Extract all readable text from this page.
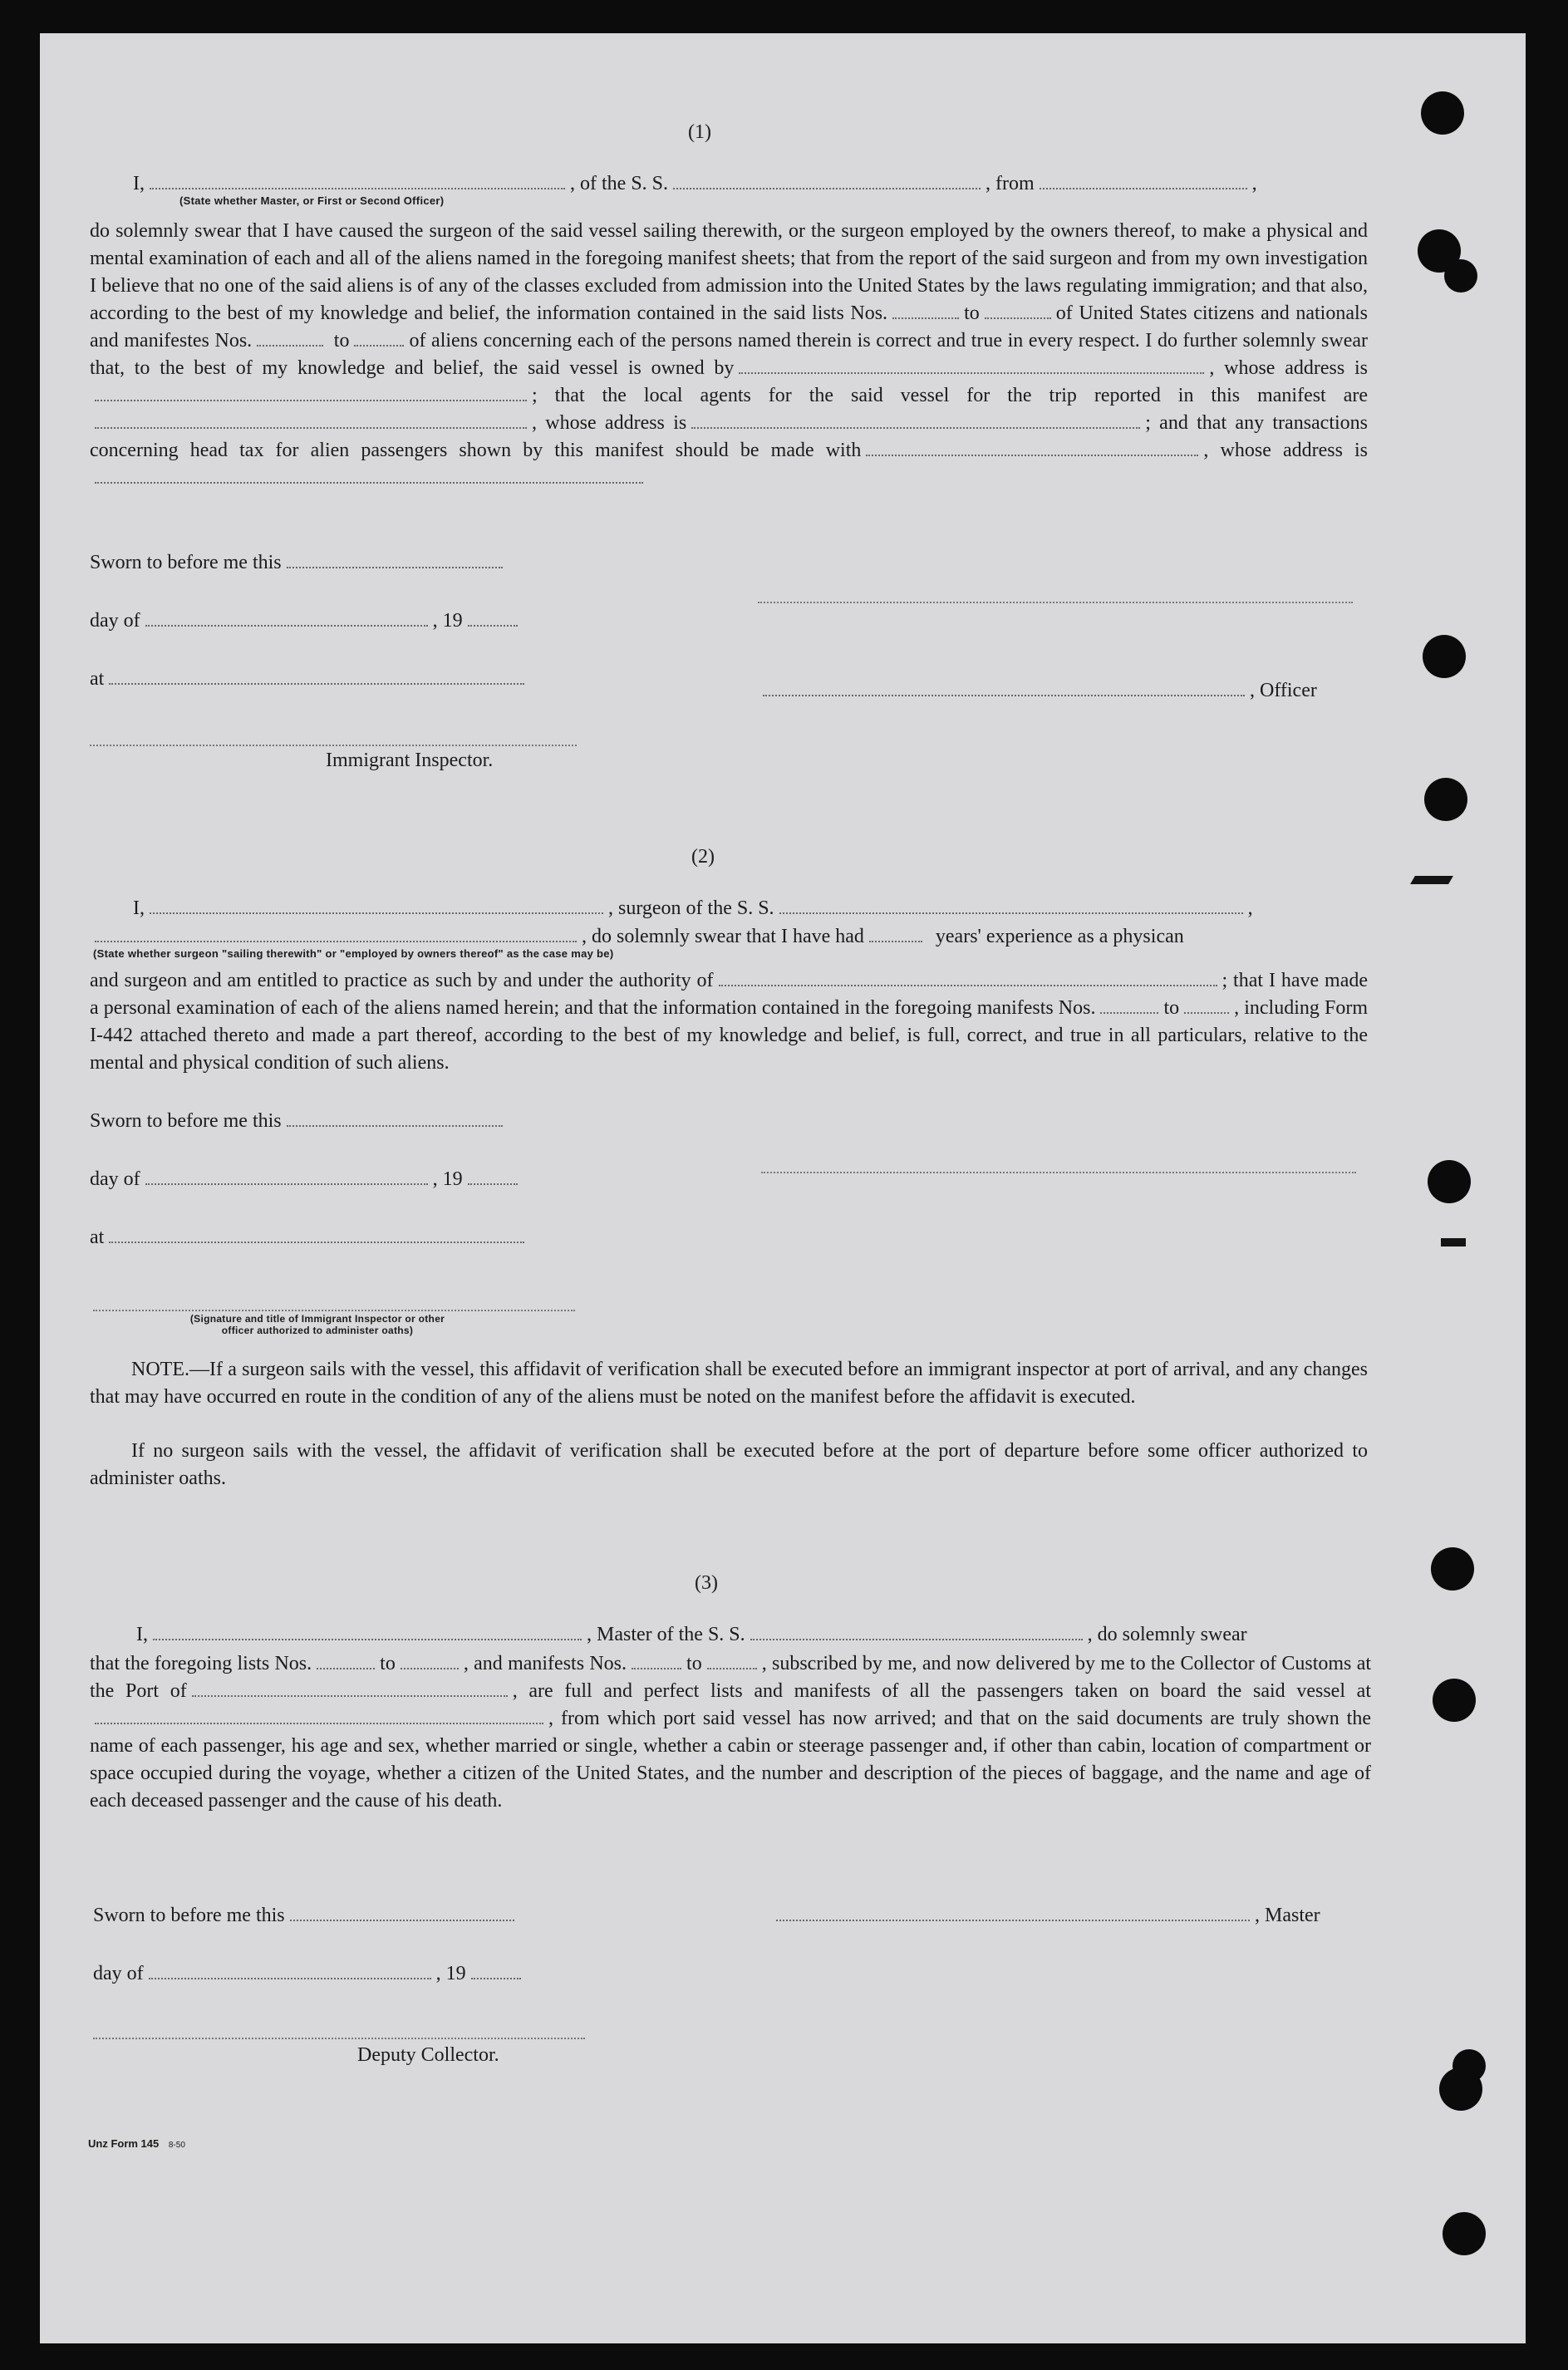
(1)
I,	, of the S. S.	, from	,
(State whether Master, or First or Second Officer)

do solemnly swear that I have caused the surgeon of the said vessel sailing therewith, or the surgeon employed by the owners thereof, to make a physical and mental examination of each and all of the aliens named in the foregoing manifest sheets; that from the report of the said surgeon and from my own investigation I believe that no one of the said aliens is of any of the classes excluded from admission into the United States by the laws regulating immigration; and that also, according to the best of my knowledge and belief, the information contained in the said lists Nos.	to	of United States citizens and nationals and manifestes Nos.	to	of aliens concerning each of the persons named therein is correct and true in every respect. I do further solemnly swear that, to the best of my knowledge and belief, the said vessel is owned by	, whose address is ; that the local agents for the said vessel for the trip reported in this manifest are , whose address is	; and that any transactions concerning head tax for alien passengers shown by this manifest should be made with	, whose address is

Sworn to before me this
day of	, 19
at
, Officer
Immigrant Inspector.
(2)
I,	, surgeon of the S. S.	,
, do solemnly swear that I have had	years' experience as a physican
(State whether surgeon "sailing therewith" or "employed by owners thereof" as the case may be)

and surgeon and am entitled to practice as such by and under the authority of	; that I have made a personal examination of each of the aliens named herein; and that the information contained in the foregoing manifests Nos.	to	, including Form I-442 attached thereto and made a part thereof, according to the best of my knowledge and belief, is full, correct, and true in all particulars, relative to the mental and physical condition of such aliens.

Sworn to before me this
day of	, 19
at
(Signature and title of Immigrant Inspector or other
officer authorized to administer oaths)

NOTE.—If a surgeon sails with the vessel, this affidavit of verification shall be executed before an immigrant inspector at port of arrival, and any changes that may have occurred en route in the condition of any of the aliens must be noted on the manifest before the affidavit is executed.

If no surgeon sails with the vessel, the affidavit of verification shall be executed before at the port of departure before some officer authorized to administer oaths.

(3)
I,	, Master of the S. S.	, do solemnly swear

that the foregoing lists Nos.	to	, and manifests Nos.	to	, subscribed by me, and now delivered by me to the Collector of Customs at the Port of	, are full and perfect lists and manifests of all the passengers taken on board the said vessel at, from which port said vessel has now arrived; and that on the said documents are truly shown the name of each passenger, his age and sex, whether married or single, whether a cabin or steerage passenger and, if other than cabin, location of compartment or space occupied during the voyage, whether a citizen of the United States, and the number and description of the pieces of baggage, and the name and age of each deceased passenger and the cause of his death.

Sworn to before me this	, Master
day of	, 19
Deputy Collector.
Unz Form 145 8-50
